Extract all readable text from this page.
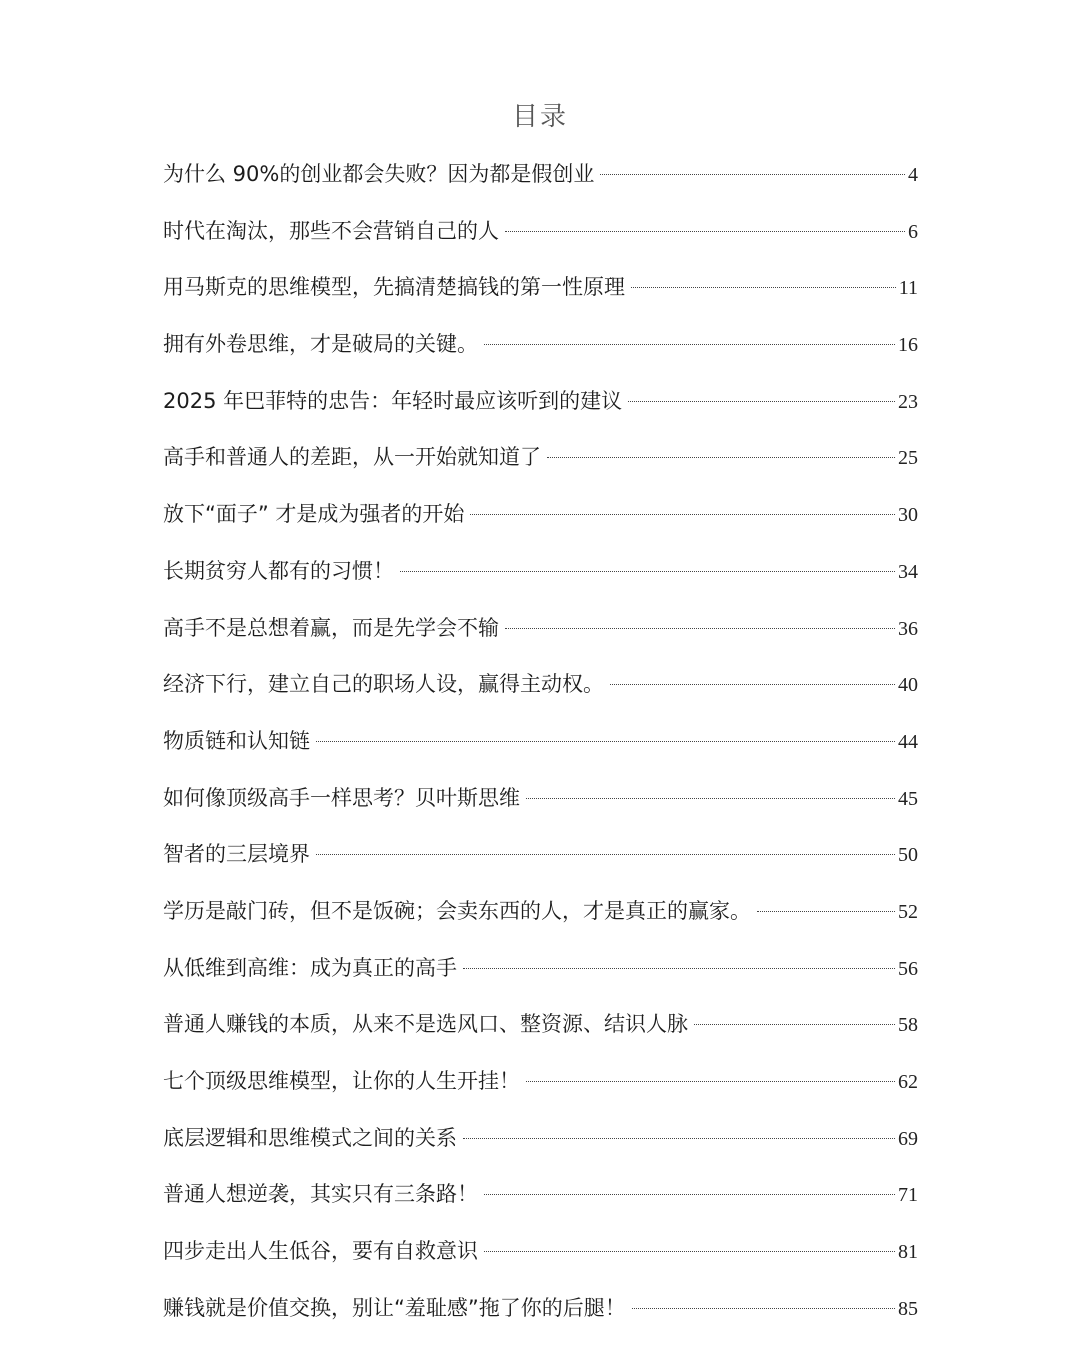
目录
为什么 90%的创业都会失败？因为都是假创业	4
时代在淘汰，那些不会营销自己的人	6
用马斯克的思维模型，先搞清楚搞钱的第一性原理	11
拥有外卷思维，才是破局的关键。	16
2025 年巴菲特的忠告：年轻时最应该听到的建议	23
高手和普通人的差距，从一开始就知道了	25
放下“面子” 才是成为强者的开始	30
长期贫穷人都有的习惯！	34
高手不是总想着赢，而是先学会不输	36
经济下行，建立自己的职场人设，赢得主动权。	40
物质链和认知链	44
如何像顶级高手一样思考？贝叶斯思维	45
智者的三层境界	50
学历是敲门砖，但不是饭碗；会卖东西的人，才是真正的赢家。	52
从低维到高维：成为真正的高手	56
普通人赚钱的本质，从来不是选风口、整资源、结识人脉	58
七个顶级思维模型，让你的人生开挂！	62
底层逻辑和思维模式之间的关系	69
普通人想逆袭，其实只有三条路！	71
四步走出人生低谷，要有自救意识	81
赚钱就是价值交换，别让“羞耻感”拖了你的后腿！	85
